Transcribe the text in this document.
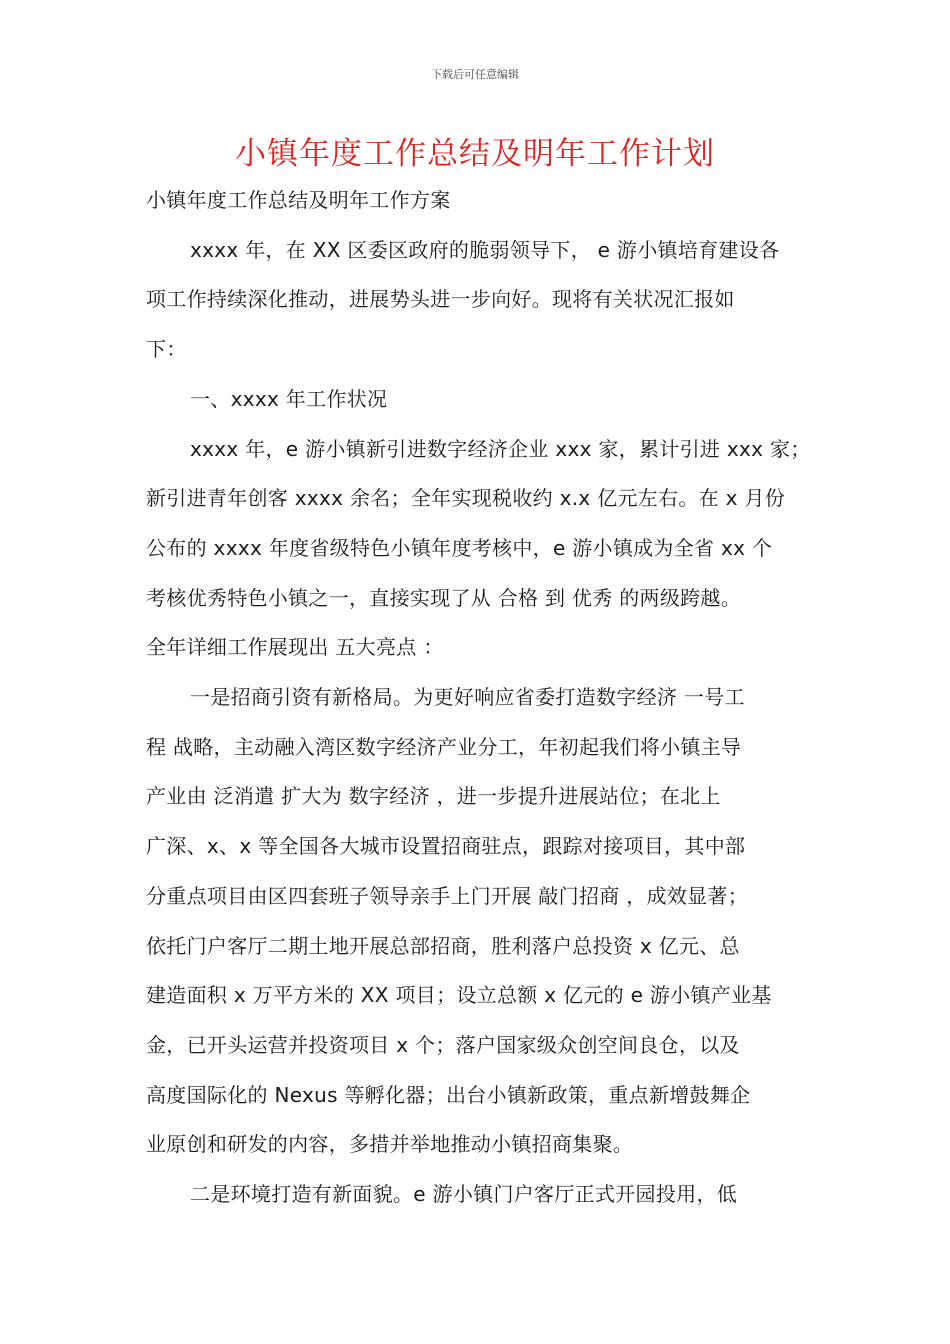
下载后可任意编辑
小镇年度工作总结及明年工作计划
小镇年度工作总结及明年工作方案
xxxx 年，在 XX 区委区政府的脆弱领导下， e 游小镇培育建设各
项工作持续深化推动，进展势头进一步向好。现将有关状况汇报如
下：
一、xxxx 年工作状况
xxxx 年，e 游小镇新引进数字经济企业 xxx 家，累计引进 xxx 家；
新引进青年创客 xxxx 余名；全年实现税收约 x.x 亿元左右。在 x 月份
公布的 xxxx 年度省级特色小镇年度考核中，e 游小镇成为全省 xx 个
考核优秀特色小镇之一，直接实现了从 合格 到 优秀 的两级跨越。
全年详细工作展现出 五大亮点 ：
一是招商引资有新格局。为更好响应省委打造数字经济 一号工
程 战略，主动融入湾区数字经济产业分工，年初起我们将小镇主导
产业由 泛消遣 扩大为 数字经济 ，进一步提升进展站位；在北上
广深、x、x 等全国各大城市设置招商驻点，跟踪对接项目，其中部
分重点项目由区四套班子领导亲手上门开展 敲门招商 ，成效显著；
依托门户客厅二期土地开展总部招商，胜利落户总投资 x 亿元、总
建造面积 x 万平方米的 XX 项目；设立总额 x 亿元的 e 游小镇产业基
金，已开头运营并投资项目 x 个；落户国家级众创空间良仓，以及
高度国际化的 Nexus 等孵化器；出台小镇新政策，重点新增鼓舞企
业原创和研发的内容，多措并举地推动小镇招商集聚。
二是环境打造有新面貌。e 游小镇门户客厅正式开园投用，低
